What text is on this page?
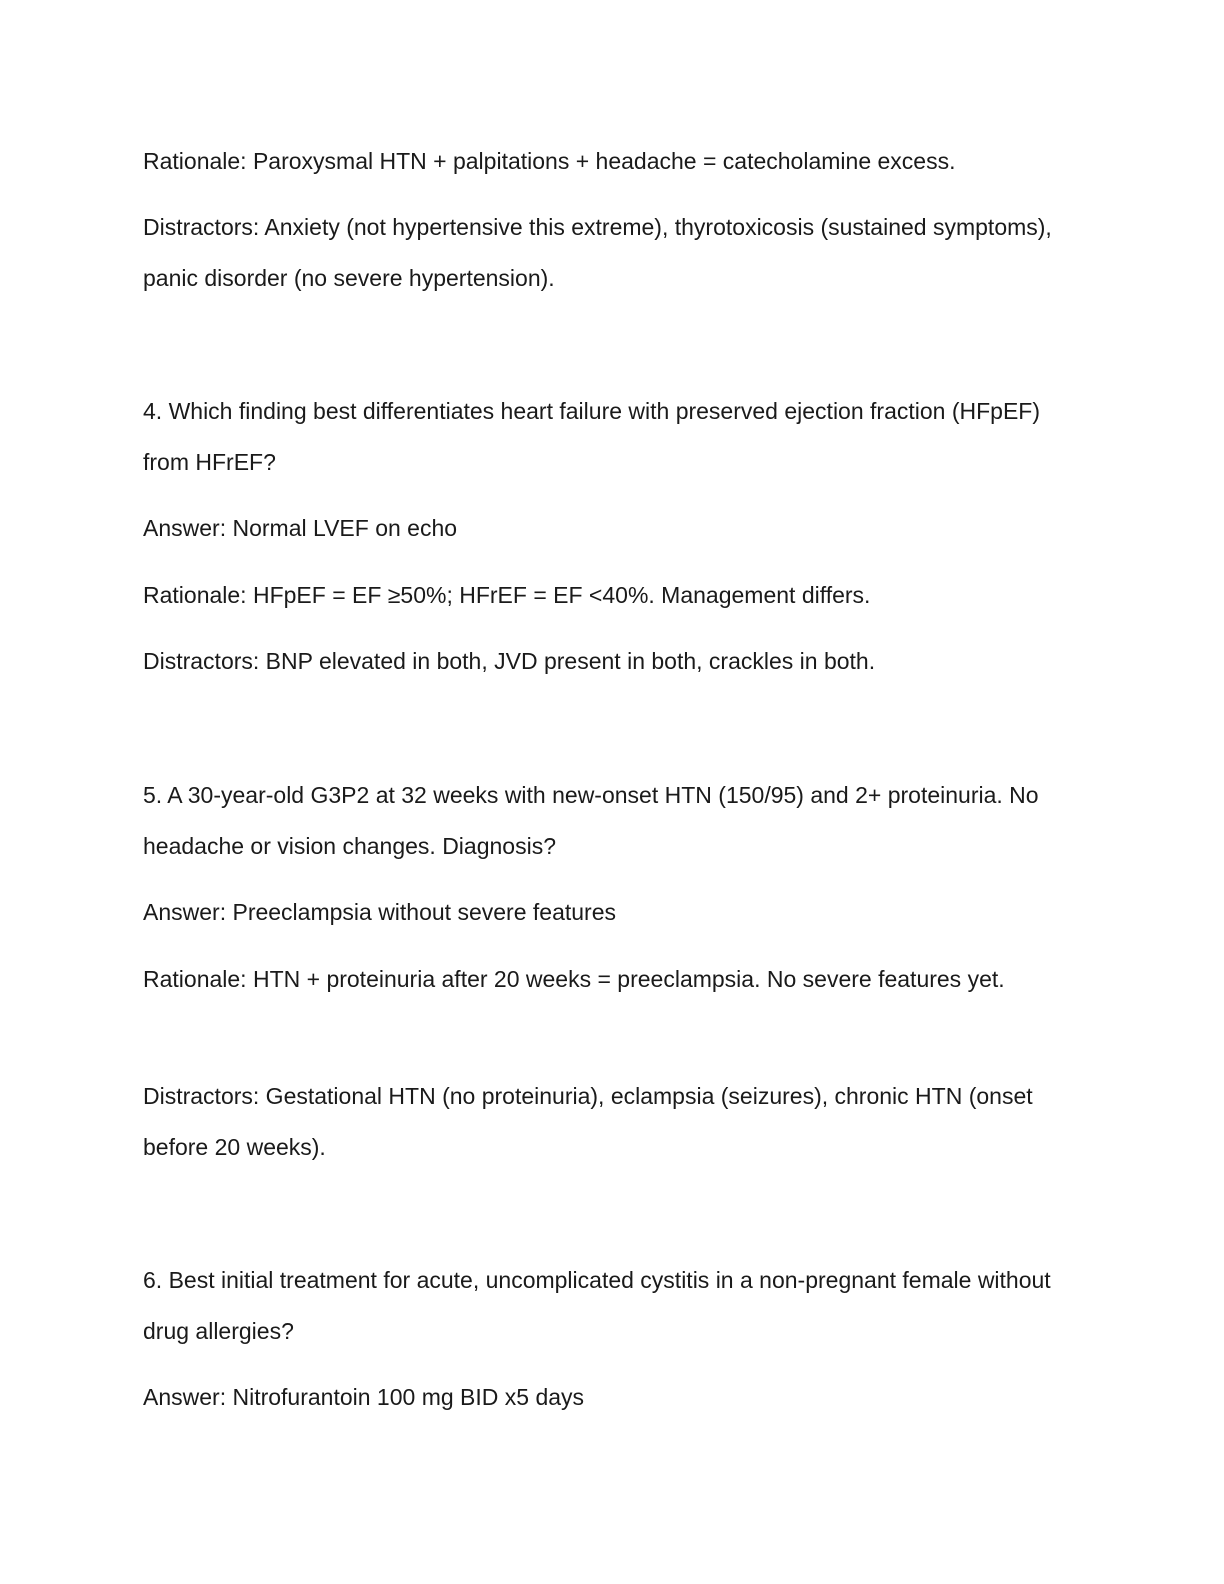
Rationale: Paroxysmal HTN + palpitations + headache = catecholamine excess.

Distractors: Anxiety (not hypertensive this extreme), thyrotoxicosis (sustained symptoms), panic disorder (no severe hypertension).

4. Which finding best differentiates heart failure with preserved ejection fraction (HFpEF) from HFrEF?

Answer: Normal LVEF on echo

Rationale: HFpEF = EF ≥50%; HFrEF = EF <40%. Management differs.

Distractors: BNP elevated in both, JVD present in both, crackles in both.

5. A 30-year-old G3P2 at 32 weeks with new-onset HTN (150/95) and 2+ proteinuria. No headache or vision changes. Diagnosis?

Answer: Preeclampsia without severe features

Rationale: HTN + proteinuria after 20 weeks = preeclampsia. No severe features yet.

Distractors: Gestational HTN (no proteinuria), eclampsia (seizures), chronic HTN (onset before 20 weeks).

6. Best initial treatment for acute, uncomplicated cystitis in a non-pregnant female without drug allergies?

Answer: Nitrofurantoin 100 mg BID x5 days
